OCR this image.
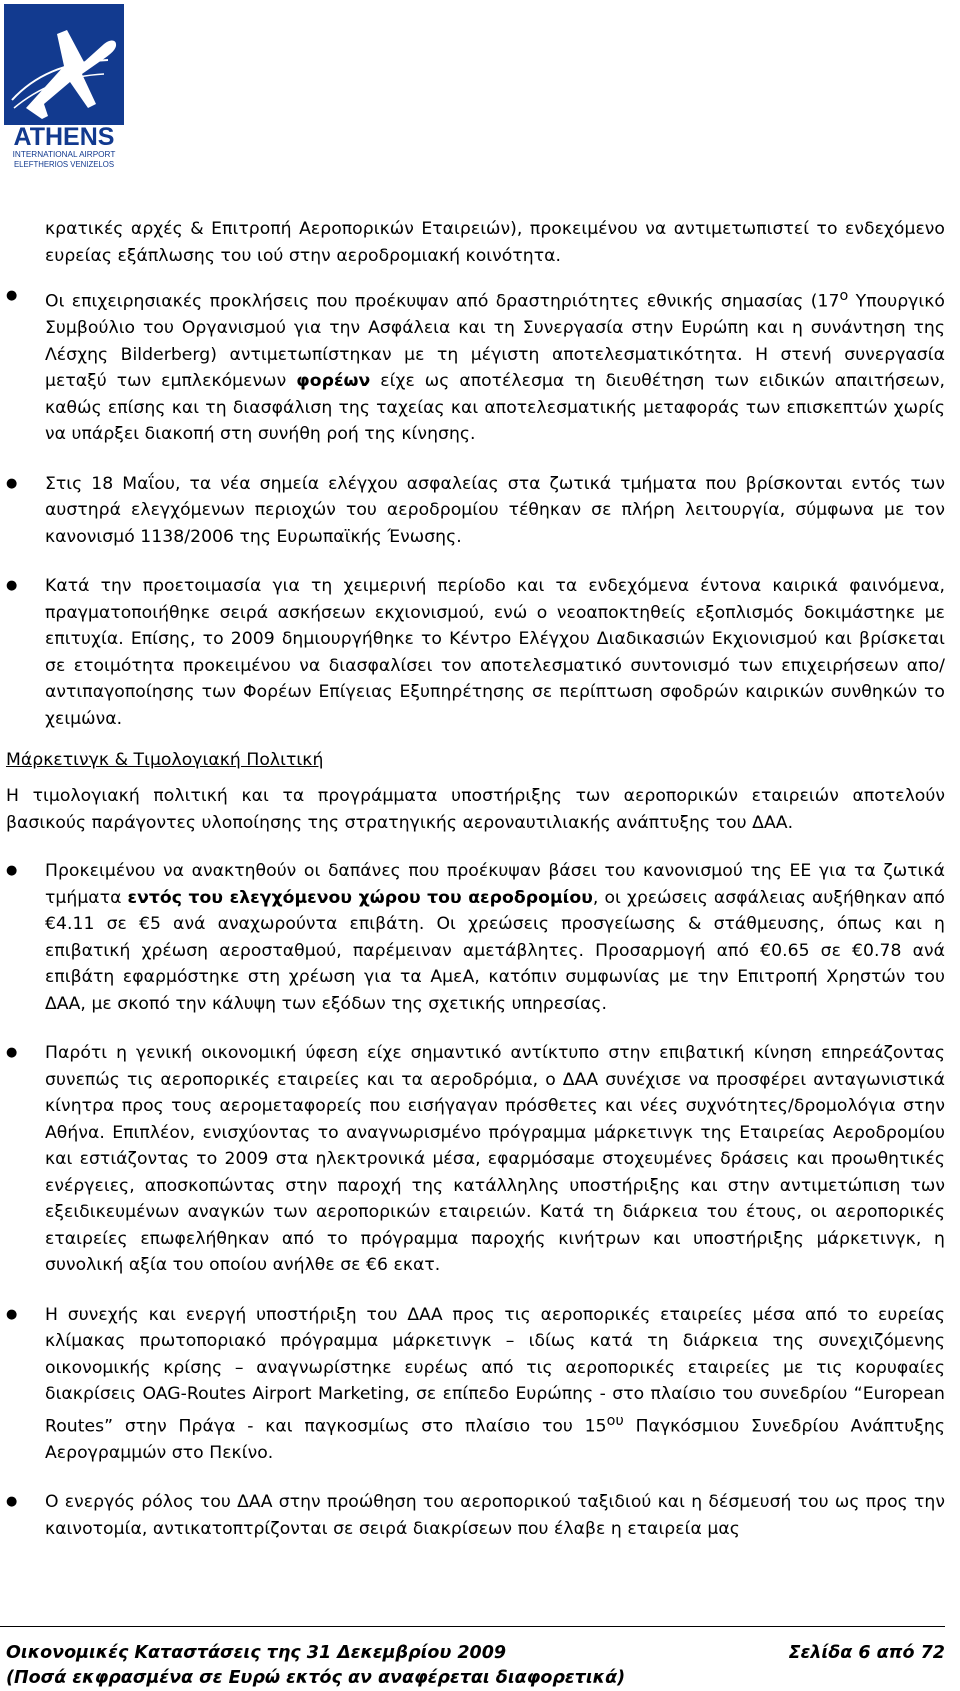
ATHENS
INTERNATIONAL AIRPORT
ELEFTHERIOS VENIZELOS

κρατικές αρχές & Επιτροπή Αεροπορικών Εταιρειών), προκειμένου να αντιμετωπιστεί το ενδεχόμενο ευρείας εξάπλωσης του ιού στην αεροδρομιακή κοινότητα.

● Οι επιχειρησιακές προκλήσεις που προέκυψαν από δραστηριότητες εθνικής σημασίας ($17^o$ Υπουργικό Συμβούλιο του Οργανισμού για την Ασφάλεια και τη Συνεργασία στην Ευρώπη και η συνάντηση της Λέσχης Bilderberg) αντιμετωπίστηκαν με τη μέγιστη αποτελεσματικότητα. Η στενή συνεργασία μεταξύ των εμπλεκόμενων φορέων είχε ως αποτέλεσμα τη διευθέτηση των ειδικών απαιτήσεων, καθώς επίσης και τη διασφάλιση της ταχείας και αποτελεσματικής μεταφοράς των επισκεπτών χωρίς να υπάρξει διακοπή στη συνήθη ροή της κίνησης.

● Στις 18 Μαΐου, τα νέα σημεία ελέγχου ασφαλείας στα ζωτικά τμήματα που βρίσκονται εντός των αυστηρά ελεγχόμενων περιοχών του αεροδρομίου τέθηκαν σε πλήρη λειτουργία, σύμφωνα με τον κανονισμό 1138/2006 της Ευρωπαϊκής Ένωσης.

● Κατά την προετοιμασία για τη χειμερινή περίοδο και τα ενδεχόμενα έντονα καιρικά φαινόμενα, πραγματοποιήθηκε σειρά ασκήσεων εκχιονισμού, ενώ ο νεοαποκτηθείς εξοπλισμός δοκιμάστηκε με επιτυχία. Επίσης, το 2009 δημιουργήθηκε το Κέντρο Ελέγχου Διαδικασιών Εκχιονισμού και βρίσκεται σε ετοιμότητα προκειμένου να διασφαλίσει τον αποτελεσματικό συντονισμό των επιχειρήσεων απο/αντιπαγοποίησης των Φορέων Επίγειας Εξυπηρέτησης σε περίπτωση σφοδρών καιρικών συνθηκών το χειμώνα.

Μάρκετινγκ & Τιμολογιακή Πολιτική

Η τιμολογιακή πολιτική και τα προγράμματα υποστήριξης των αεροπορικών εταιρειών αποτελούν βασικούς παράγοντες υλοποίησης της στρατηγικής αεροναυτιλιακής ανάπτυξης του ΔΑΑ.

● Προκειμένου να ανακτηθούν οι δαπάνες που προέκυψαν βάσει του κανονισμού της ΕΕ για τα ζωτικά τμήματα εντός του ελεγχόμενου χώρου του αεροδρομίου, οι χρεώσεις ασφάλειας αυξήθηκαν από €4.11 σε €5 ανά αναχωρούντα επιβάτη. Οι χρεώσεις προσγείωσης & στάθμευσης, όπως και η επιβατική χρέωση αεροσταθμού, παρέμειναν αμετάβλητες. Προσαρμογή από €0.65 σε €0.78 ανά επιβάτη εφαρμόστηκε στη χρέωση για τα ΑμεΑ, κατόπιν συμφωνίας με την Επιτροπή Χρηστών του ΔΑΑ, με σκοπό την κάλυψη των εξόδων της σχετικής υπηρεσίας.

● Παρότι η γενική οικονομική ύφεση είχε σημαντικό αντίκτυπο στην επιβατική κίνηση επηρεάζοντας συνεπώς τις αεροπορικές εταιρείες και τα αεροδρόμια, ο ΔΑΑ συνέχισε να προσφέρει ανταγωνιστικά κίνητρα προς τους αερομεταφορείς που εισήγαγαν πρόσθετες και νέες συχνότητες/δρομολόγια στην Αθήνα. Επιπλέον, ενισχύοντας το αναγνωρισμένο πρόγραμμα μάρκετινγκ της Εταιρείας Αεροδρομίου και εστιάζοντας το 2009 στα ηλεκτρονικά μέσα, εφαρμόσαμε στοχευμένες δράσεις και προωθητικές ενέργειες, αποσκοπώντας στην παροχή της κατάλληλης υποστήριξης και στην αντιμετώπιση των εξειδικευμένων αναγκών των αεροπορικών εταιρειών. Κατά τη διάρκεια του έτους, οι αεροπορικές εταιρείες επωφελήθηκαν από το πρόγραμμα παροχής κινήτρων και υποστήριξης μάρκετινγκ, η συνολική αξία του οποίου ανήλθε σε €6 εκατ.

● Η συνεχής και ενεργή υποστήριξη του ΔΑΑ προς τις αεροπορικές εταιρείες μέσα από το ευρείας κλίμακας πρωτοποριακό πρόγραμμα μάρκετινγκ – ιδίως κατά τη διάρκεια της συνεχιζόμενης οικονομικής κρίσης – αναγνωρίστηκε ευρέως από τις αεροπορικές εταιρείες με τις κορυφαίες διακρίσεις OAG-Routes Airport Marketing, σε επίπεδο Ευρώπης - στο πλαίσιο του συνεδρίου “European Routes” στην Πράγα - και παγκοσμίως στο πλαίσιο του $15^{o\upsilon}$ Παγκόσμιου Συνεδρίου Ανάπτυξης Αερογραμμών στο Πεκίνο.

● Ο ενεργός ρόλος του ΔΑΑ στην προώθηση του αεροπορικού ταξιδιού και η δέσμευσή του ως προς την καινοτομία, αντικατοπτρίζονται σε σειρά διακρίσεων που έλαβε η εταιρεία μας

Οικονομικές Καταστάσεις της 31 Δεκεμβρίου 2009	Σελίδα 6 από 72
(Ποσά εκφρασμένα σε Ευρώ εκτός αν αναφέρεται διαφορετικά)
